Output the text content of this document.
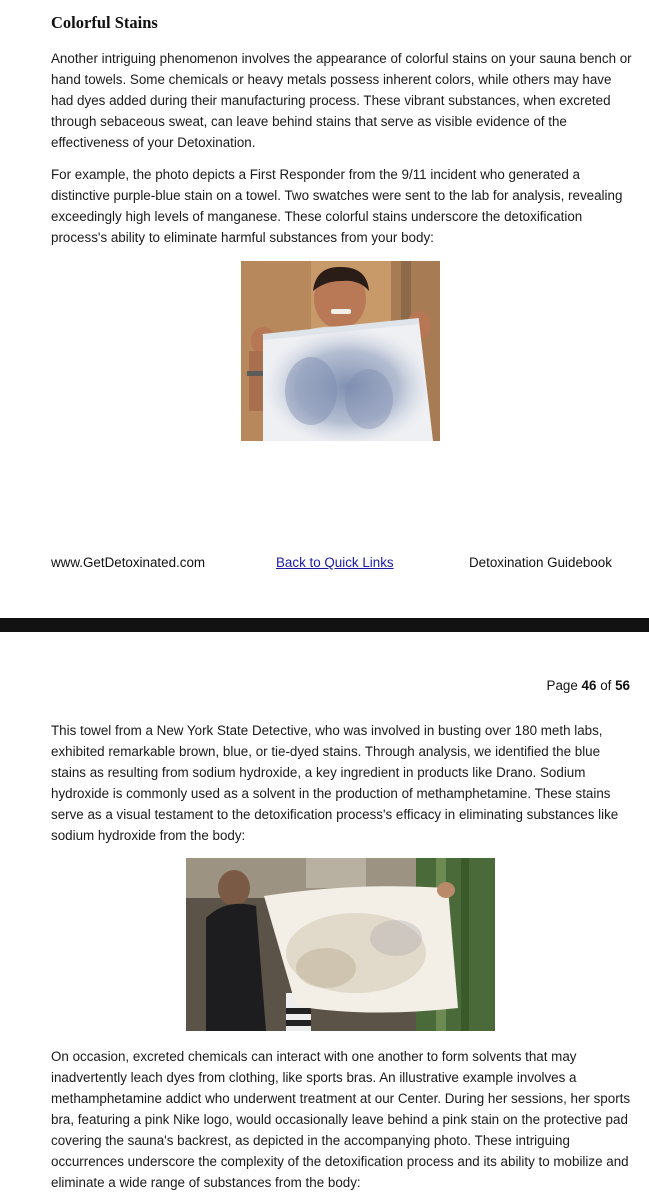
Colorful Stains

Another intriguing phenomenon involves the appearance of colorful stains on your sauna bench or hand towels. Some chemicals or heavy metals possess inherent colors, while others may have had dyes added during their manufacturing process. These vibrant substances, when excreted through sebaceous sweat, can leave behind stains that serve as visible evidence of the effectiveness of your Detoxination.

For example, the photo depicts a First Responder from the 9/11 incident who generated a distinctive purple-blue stain on a towel. Two swatches were sent to the lab for analysis, revealing exceedingly high levels of manganese. These colorful stains underscore the detoxification process's ability to eliminate harmful substances from your body:

www.GetDetoxinated.com	Back to Quick Links	Detoxination Guidebook
Page 46 of 56

This towel from a New York State Detective, who was involved in busting over 180 meth labs, exhibited remarkable brown, blue, or tie-dyed stains. Through analysis, we identified the blue stains as resulting from sodium hydroxide, a key ingredient in products like Drano. Sodium hydroxide is commonly used as a solvent in the production of methamphetamine. These stains serve as a visual testament to the detoxification process's efficacy in eliminating substances like sodium hydroxide from the body:

On occasion, excreted chemicals can interact with one another to form solvents that may inadvertently leach dyes from clothing, like sports bras. An illustrative example involves a methamphetamine addict who underwent treatment at our Center. During her sessions, her sports bra, featuring a pink Nike logo, would occasionally leave behind a pink stain on the protective pad covering the sauna's backrest, as depicted in the accompanying photo. These intriguing occurrences underscore the complexity of the detoxification process and its ability to mobilize and eliminate a wide range of substances from the body:
